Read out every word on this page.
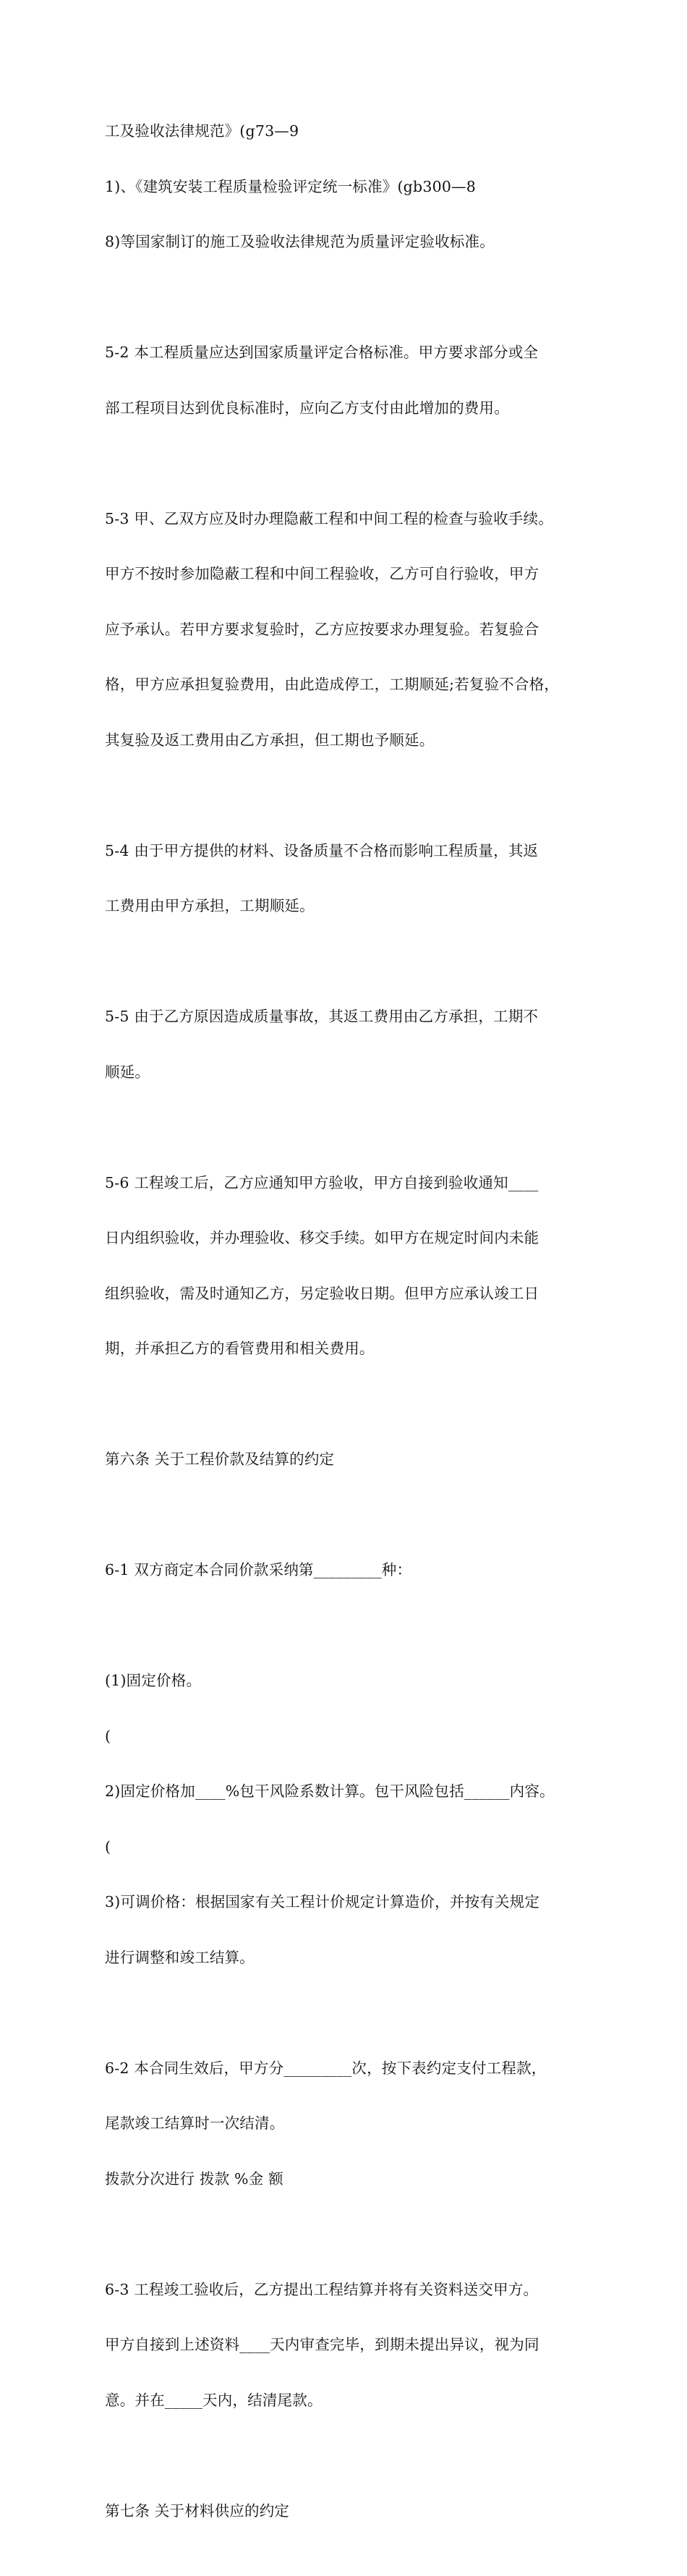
工及验收法律规范》(g73—9

1)、《建筑安装工程质量检验评定统一标准》(gb300—8

8)等国家制订的施工及验收法律规范为质量评定验收标准。

5-2 本工程质量应达到国家质量评定合格标准。甲方要求部分或全

部工程项目达到优良标准时，应向乙方支付由此增加的费用。

5-3 甲、乙双方应及时办理隐蔽工程和中间工程的检查与验收手续。

甲方不按时参加隐蔽工程和中间工程验收，乙方可自行验收，甲方

应予承认。若甲方要求复验时，乙方应按要求办理复验。若复验合

格，甲方应承担复验费用，由此造成停工，工期顺延;若复验不合格，

其复验及返工费用由乙方承担，但工期也予顺延。

5-4 由于甲方提供的材料、设备质量不合格而影响工程质量，其返

工费用由甲方承担，工期顺延。

5-5 由于乙方原因造成质量事故，其返工费用由乙方承担，工期不

顺延。

5-6 工程竣工后，乙方应通知甲方验收，甲方自接到验收通知____

日内组织验收，并办理验收、移交手续。如甲方在规定时间内未能

组织验收，需及时通知乙方，另定验收日期。但甲方应承认竣工日

期，并承担乙方的看管费用和相关费用。

第六条 关于工程价款及结算的约定

6-1 双方商定本合同价款采纳第_________种：

(1)固定价格。

(

2)固定价格加____%包干风险系数计算。包干风险包括______内容。

(

3)可调价格：根据国家有关工程计价规定计算造价，并按有关规定

进行调整和竣工结算。

6-2 本合同生效后，甲方分_________次，按下表约定支付工程款，

尾款竣工结算时一次结清。

拨款分次进行 拨款 %金 额

6-3 工程竣工验收后，乙方提出工程结算并将有关资料送交甲方。

甲方自接到上述资料____天内审查完毕，到期未提出异议，视为同

意。并在_____天内，结清尾款。

第七条 关于材料供应的约定
